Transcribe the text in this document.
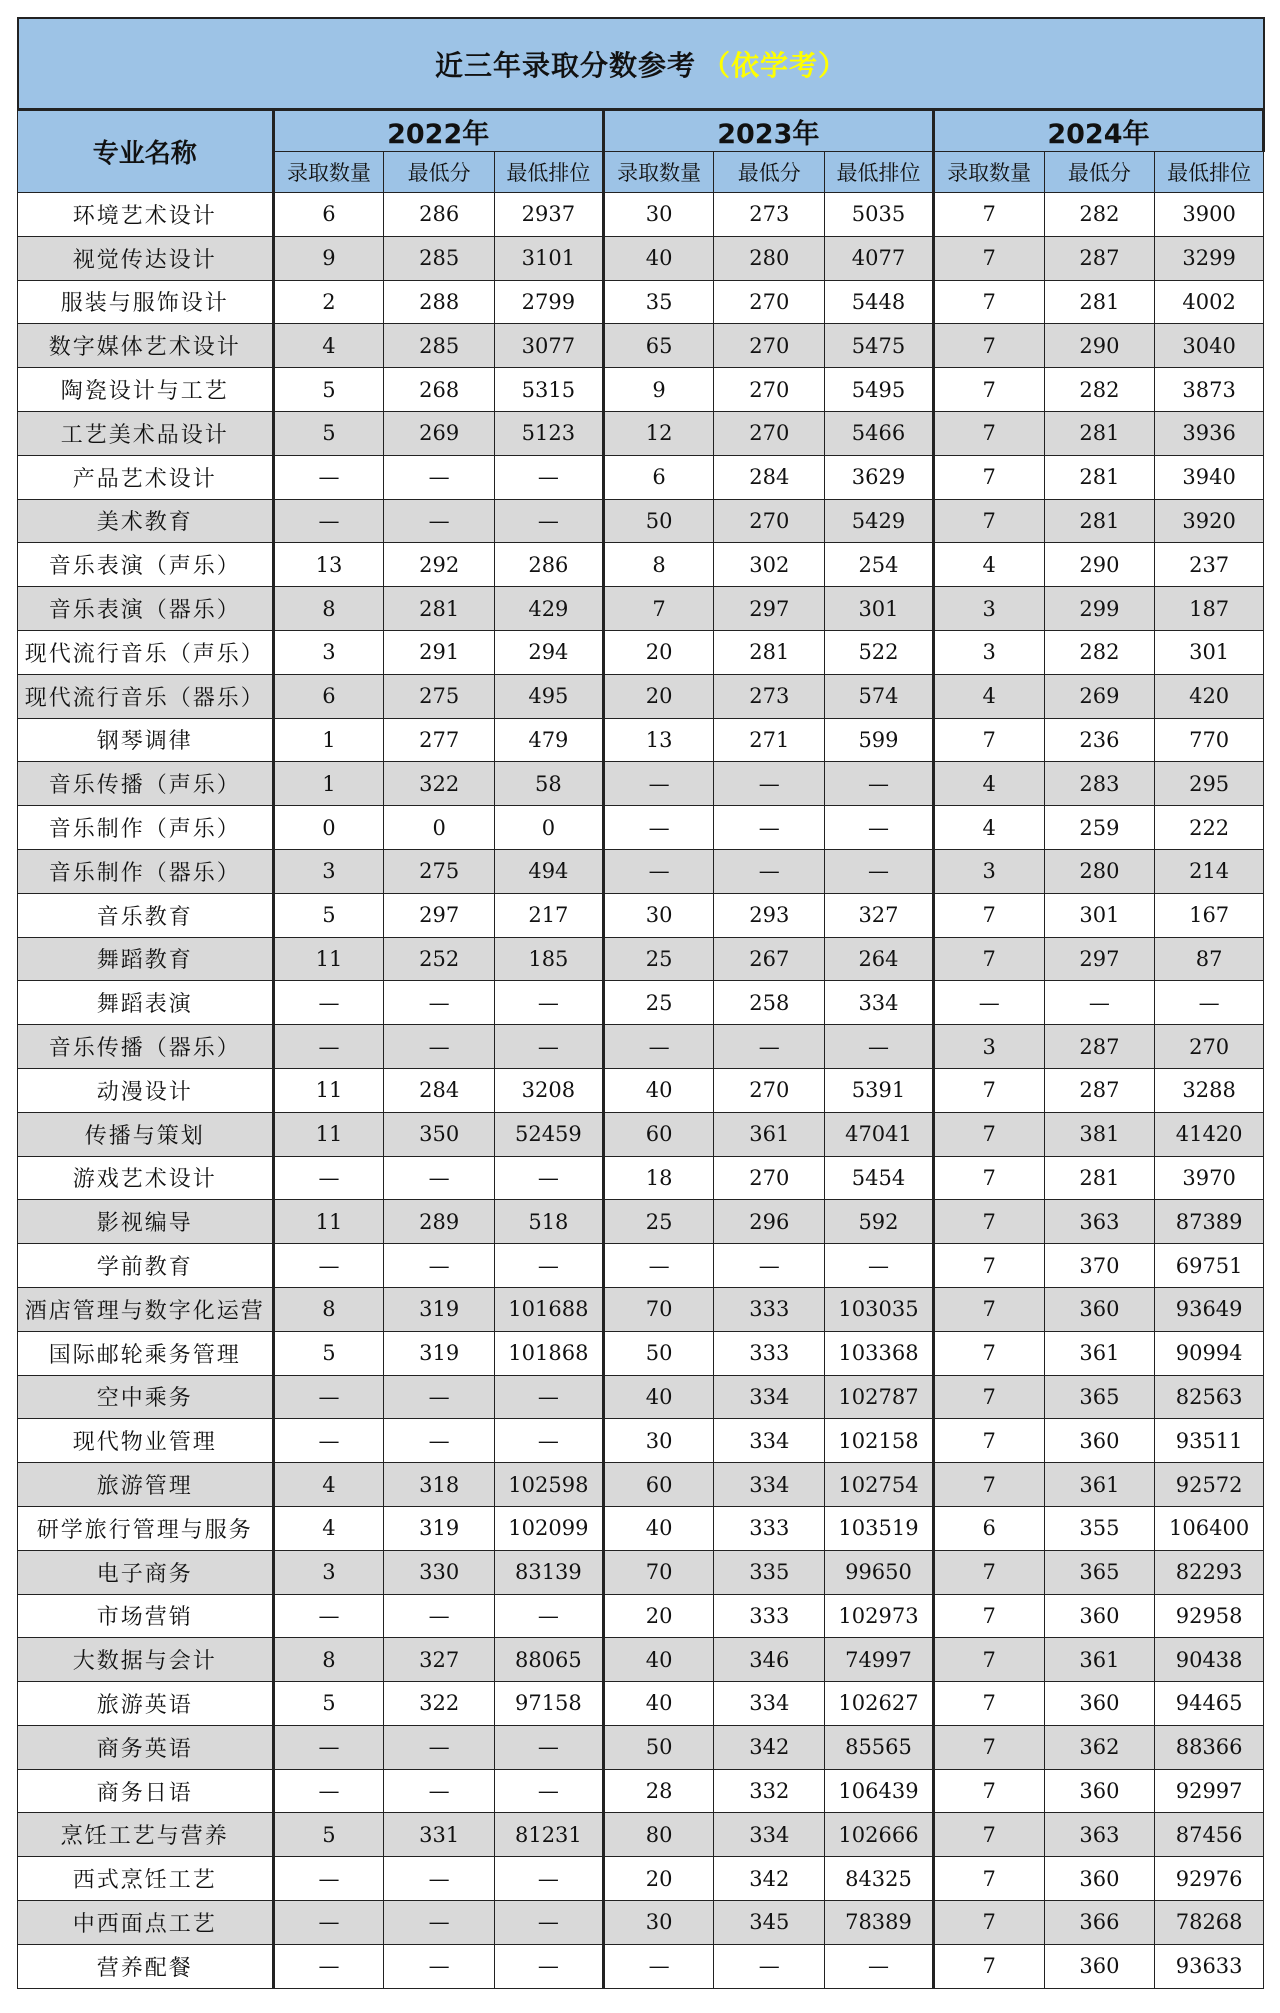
近三年录取分数参考 （依学考）
专业名称	2022年			2023年			2024年		
	录取数量	最低分	最低排位	录取数量	最低分	最低排位	录取数量	最低分	最低排位
环境艺术设计	6	286	2937	30	273	5035	7	282	3900
视觉传达设计	9	285	3101	40	280	4077	7	287	3299
服装与服饰设计	2	288	2799	35	270	5448	7	281	4002
数字媒体艺术设计	4	285	3077	65	270	5475	7	290	3040
陶瓷设计与工艺	5	268	5315	9	270	5495	7	282	3873
工艺美术品设计	5	269	5123	12	270	5466	7	281	3936
产品艺术设计	—	—	—	6	284	3629	7	281	3940
美术教育	—	—	—	50	270	5429	7	281	3920
音乐表演（声乐）	13	292	286	8	302	254	4	290	237
音乐表演（器乐）	8	281	429	7	297	301	3	299	187
现代流行音乐（声乐）	3	291	294	20	281	522	3	282	301
现代流行音乐（器乐）	6	275	495	20	273	574	4	269	420
钢琴调律	1	277	479	13	271	599	7	236	770
音乐传播（声乐）	1	322	58	—	—	—	4	283	295
音乐制作（声乐）	0	0	0	—	—	—	4	259	222
音乐制作（器乐）	3	275	494	—	—	—	3	280	214
音乐教育	5	297	217	30	293	327	7	301	167
舞蹈教育	11	252	185	25	267	264	7	297	87
舞蹈表演	—	—	—	25	258	334	—	—	—
音乐传播（器乐）	—	—	—	—	—	—	3	287	270
动漫设计	11	284	3208	40	270	5391	7	287	3288
传播与策划	11	350	52459	60	361	47041	7	381	41420
游戏艺术设计	—	—	—	18	270	5454	7	281	3970
影视编导	11	289	518	25	296	592	7	363	87389
学前教育	—	—	—	—	—	—	7	370	69751
酒店管理与数字化运营	8	319	101688	70	333	103035	7	360	93649
国际邮轮乘务管理	5	319	101868	50	333	103368	7	361	90994
空中乘务	—	—	—	40	334	102787	7	365	82563
现代物业管理	—	—	—	30	334	102158	7	360	93511
旅游管理	4	318	102598	60	334	102754	7	361	92572
研学旅行管理与服务	4	319	102099	40	333	103519	6	355	106400
电子商务	3	330	83139	70	335	99650	7	365	82293
市场营销	—	—	—	20	333	102973	7	360	92958
大数据与会计	8	327	88065	40	346	74997	7	361	90438
旅游英语	5	322	97158	40	334	102627	7	360	94465
商务英语	—	—	—	50	342	85565	7	362	88366
商务日语	—	—	—	28	332	106439	7	360	92997
烹饪工艺与营养	5	331	81231	80	334	102666	7	363	87456
西式烹饪工艺	—	—	—	20	342	84325	7	360	92976
中西面点工艺	—	—	—	30	345	78389	7	366	78268
营养配餐	—	—	—	—	—	—	7	360	93633
